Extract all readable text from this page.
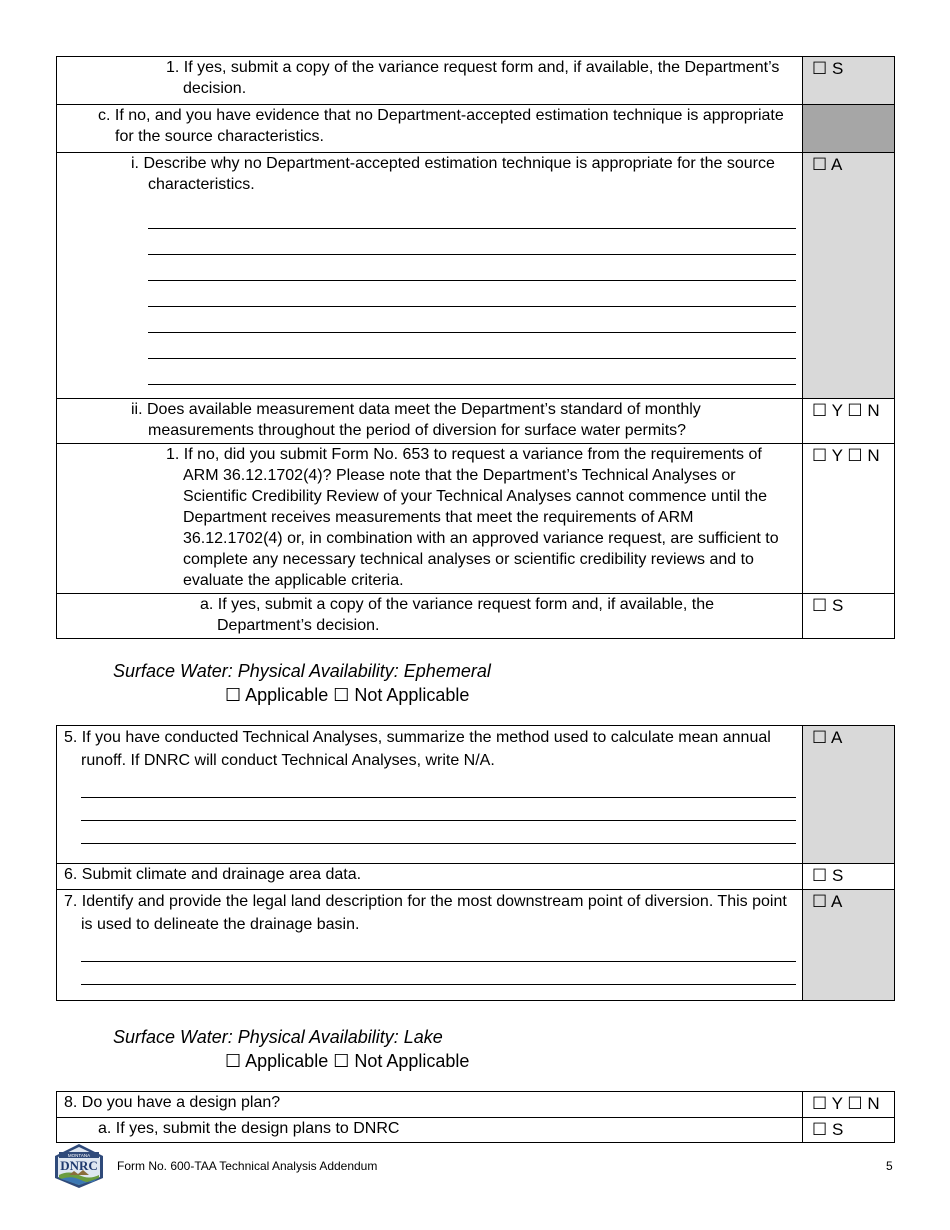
1. If yes, submit a copy of the variance request form and, if available, the Department’s decision.	☐ S

c. If no, and you have evidence that no Department-accepted estimation technique is appropriate for the source characteristics.	

i. Describe why no Department-accepted estimation technique is appropriate for the source characteristics.	☐ A

ii. Does available measurement data meet the Department’s standard of monthly measurements throughout the period of diversion for surface water permits?	☐ Y ☐ N

1. If no, did you submit Form No. 653 to request a variance from the requirements of ARM 36.12.1702(4)? Please note that the Department’s Technical Analyses or Scientific Credibility Review of your Technical Analyses cannot commence until the Department receives measurements that meet the requirements of ARM 36.12.1702(4) or, in combination with an approved variance request, are sufficient to complete any necessary technical analyses or scientific credibility reviews and to evaluate the applicable criteria.	☐ Y ☐ N

a. If yes, submit a copy of the variance request form and, if available, the Department’s decision.	☐ S
Surface Water: Physical Availability: Ephemeral
☐ Applicable ☐ Not Applicable
5. If you have conducted Technical Analyses, summarize the method used to calculate mean annual runoff. If DNRC will conduct Technical Analyses, write N/A.	☐ A

6. Submit climate and drainage area data.	☐ S

7. Identify and provide the legal land description for the most downstream point of diversion. This point is used to delineate the drainage basin.	☐ A
Surface Water: Physical Availability: Lake
☐ Applicable ☐ Not Applicable
8. Do you have a design plan?	☐ Y ☐ N

a. If yes, submit the design plans to DNRC	☐ S
MONTANA
DNRC Form No. 600-TAA Technical Analysis Addendum	5
